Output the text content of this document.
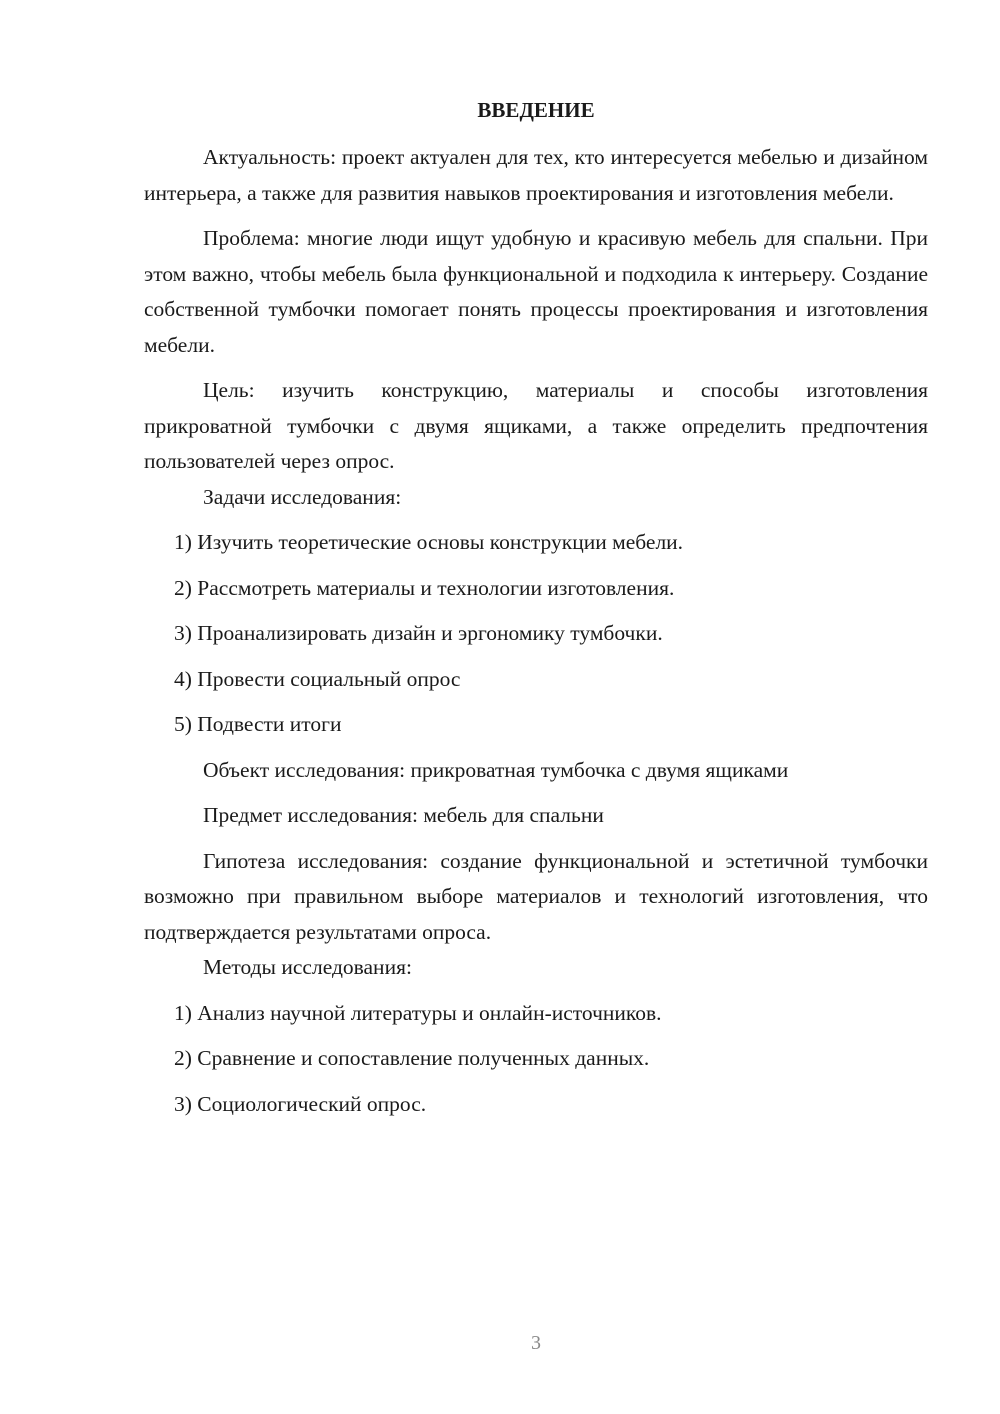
ВВЕДЕНИЕ

Актуальность: проект актуален для тех, кто интересуется мебелью и дизайном интерьера, а также для развития навыков проектирования и изготовления мебели.

Проблема: многие люди ищут удобную и красивую мебель для спальни. При этом важно, чтобы мебель была функциональной и подходила к интерьеру. Создание собственной тумбочки помогает понять процессы проектирования и изготовления мебели.

Цель: изучить конструкцию, материалы и способы изготовления прикроватной тумбочки с двумя ящиками, а также определить предпочтения пользователей через опрос.

Задачи исследования:

1) Изучить теоретические основы конструкции мебели.

2) Рассмотреть материалы и технологии изготовления.

3) Проанализировать дизайн и эргономику тумбочки.

4) Провести социальный опрос

5) Подвести итоги

Объект исследования: прикроватная тумбочка с двумя ящиками

Предмет исследования: мебель для спальни

Гипотеза исследования: создание функциональной и эстетичной тумбочки возможно при правильном выборе материалов и технологий изготовления, что подтверждается результатами опроса.

Методы исследования:

1) Анализ научной литературы и онлайн-источников.

2) Сравнение и сопоставление полученных данных.

3) Социологический опрос.

3
